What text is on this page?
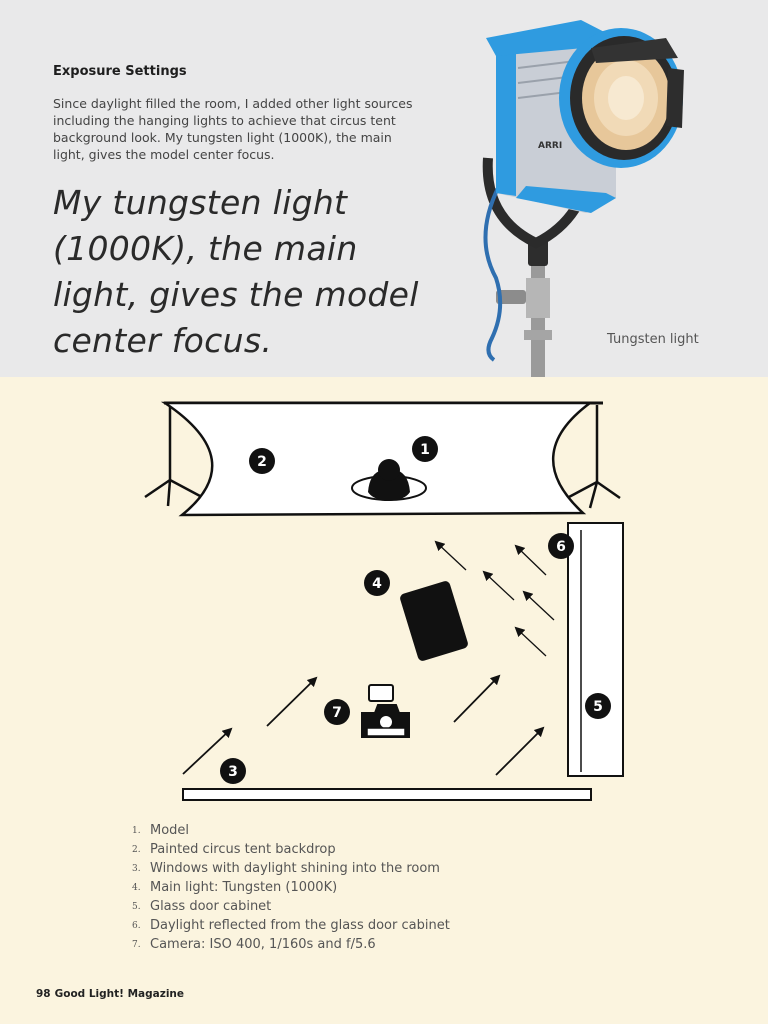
Exposure Settings
Since daylight filled the room, I added other light sources including the hanging lights to achieve that circus tent background look. My tungsten light (1000K), the main light, gives the model center focus.
My tungsten light (1000K), the main light, gives the model center focus.
ARRI
Tungsten light
1
2
3
4
5
6
7
1. Model
2. Painted circus tent backdrop
3. Windows with daylight shining into the room
4. Main light: Tungsten (1000K)
5. Glass door cabinet
6. Daylight reflected from the glass door cabinet
7. Camera: ISO 400, 1/160s and f/5.6
98 Good Light! Magazine
